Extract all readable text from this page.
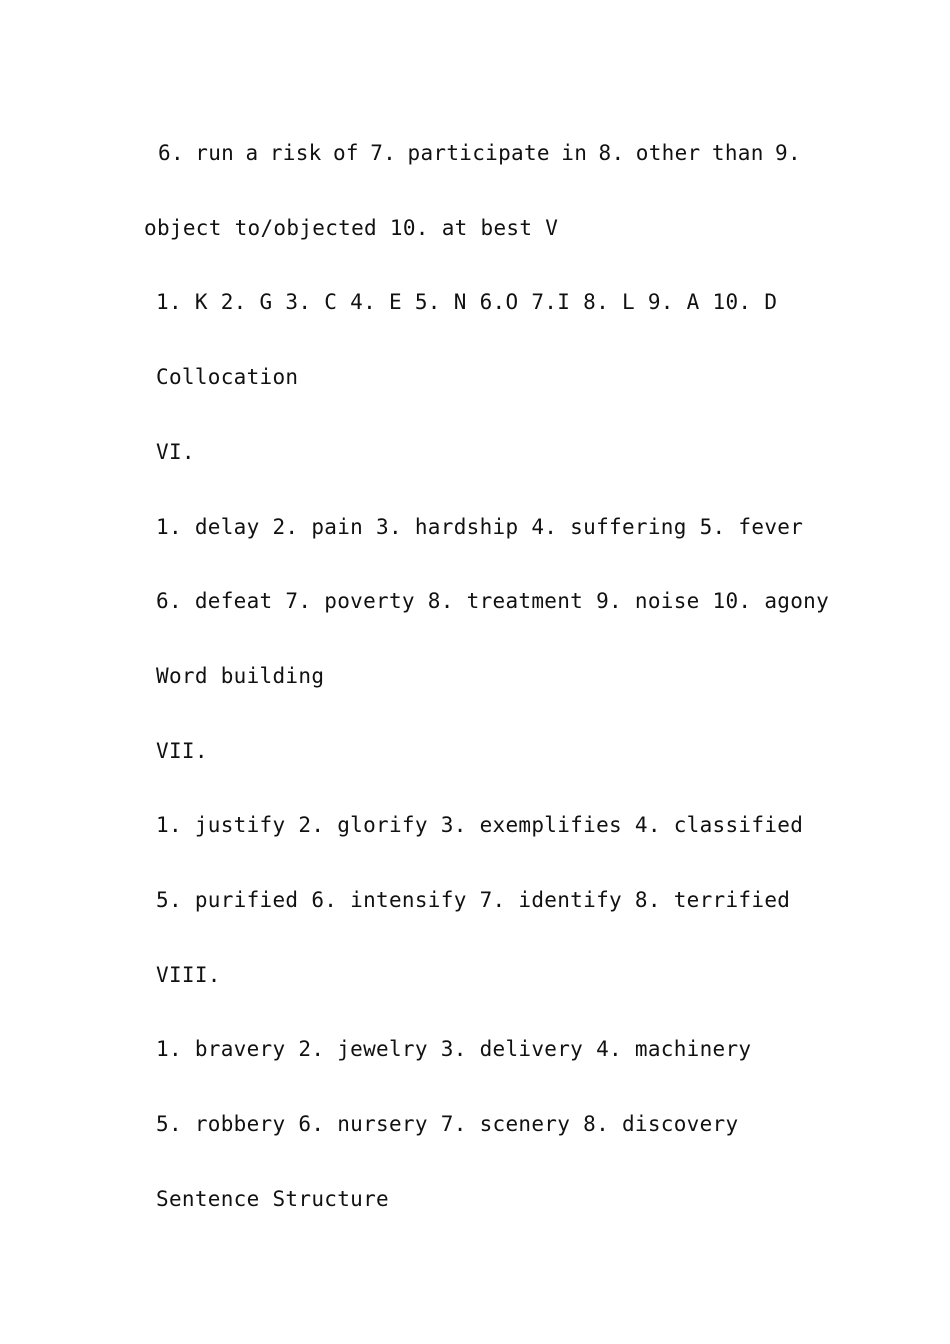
6. run a risk of 7. participate in 8. other than 9.
object to/objected 10. at best V
1. K 2. G 3. C 4. E 5. N 6.O 7.I 8. L 9. A 10. D
Collocation
VI.
1. delay 2. pain 3. hardship 4. suffering 5. fever
6. defeat 7. poverty 8. treatment 9. noise 10. agony
Word building
VII.
1. justify 2. glorify 3. exemplifies 4. classified
5. purified 6. intensify 7. identify 8. terrified
VIII.
1. bravery 2. jewelry 3. delivery 4. machinery
5. robbery 6. nursery 7. scenery 8. discovery
Sentence Structure
